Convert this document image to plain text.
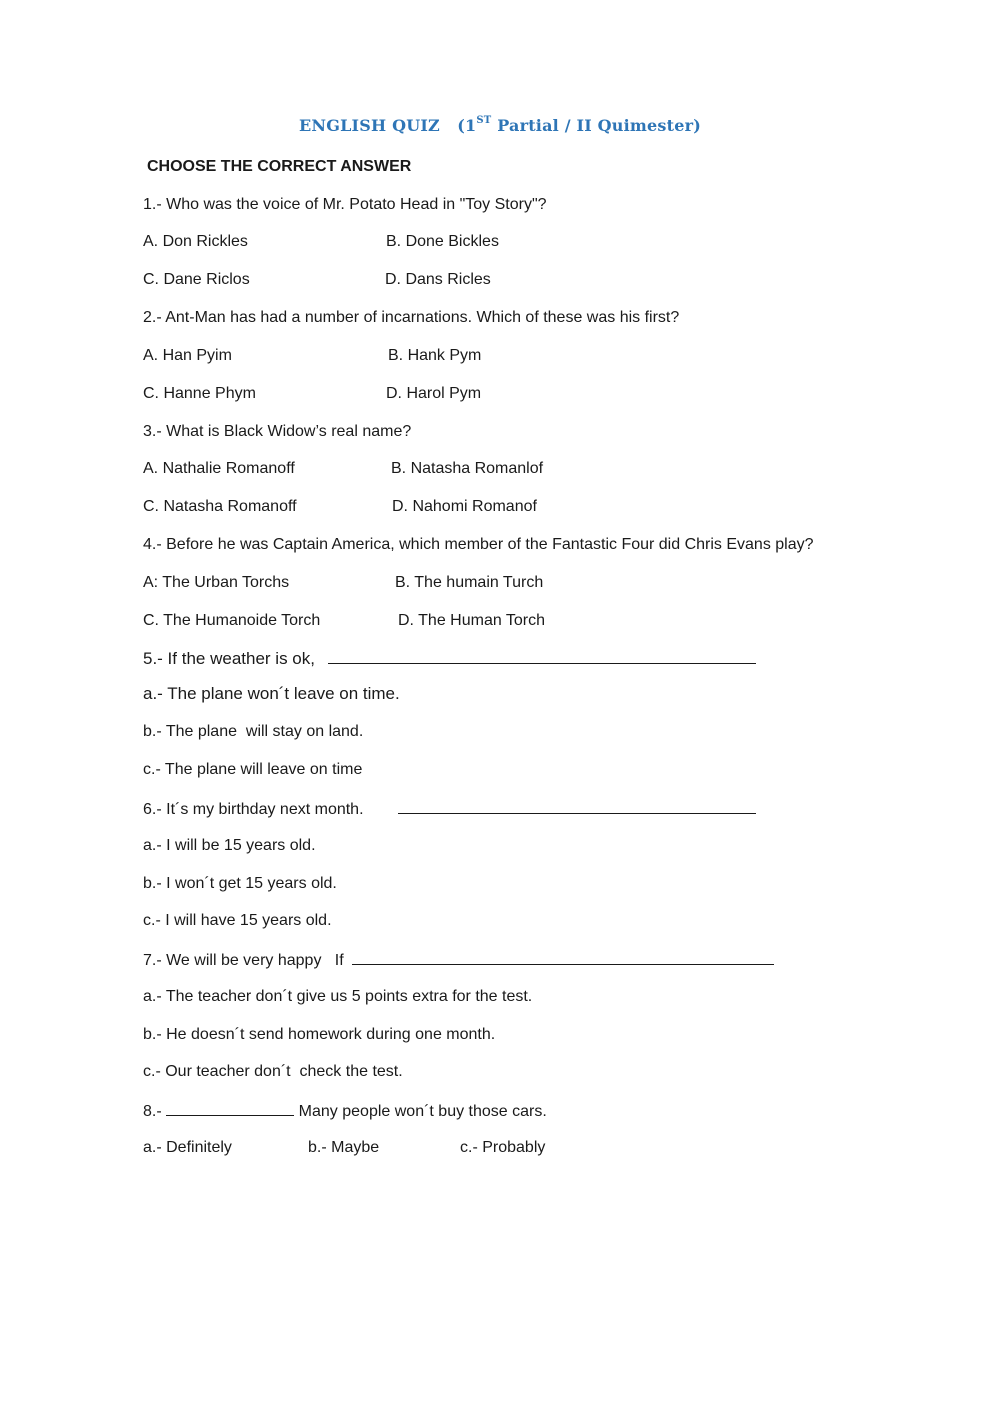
ENGLISH QUIZ   (1ST Partial / II Quimester)
CHOOSE THE CORRECT ANSWER
1.- Who was the voice of Mr. Potato Head in "Toy Story"?
A. Don Rickles	B. Done Bickles
C. Dane Riclos	D. Dans Ricles
2.- Ant-Man has had a number of incarnations. Which of these was his first?
A. Han Pyim	B. Hank Pym
C. Hanne Phym	D. Harol Pym
3.- What is Black Widow’s real name?
A. Nathalie Romanoff	B. Natasha Romanlof
C. Natasha Romanoff	D. Nahomi Romanof
4.- Before he was Captain America, which member of the Fantastic Four did Chris Evans play?
A: The Urban Torchs	B. The humain Turch
C. The Humanoide Torch	D. The Human Torch
5.- If the weather is ok,
a.- The plane won´t leave on time.
b.- The plane  will stay on land.
c.- The plane will leave on time
6.- It´s my birthday next month.
a.- I will be 15 years old.
b.- I won´t get 15 years old.
c.- I will have 15 years old.
7.- We will be very happy   If
a.- The teacher don´t give us 5 points extra for the test.
b.- He doesn´t send homework during one month.
c.- Our teacher don´t  check the test.
8.-	Many people won´t buy those cars.
a.- Definitely	b.- Maybe	c.- Probably
